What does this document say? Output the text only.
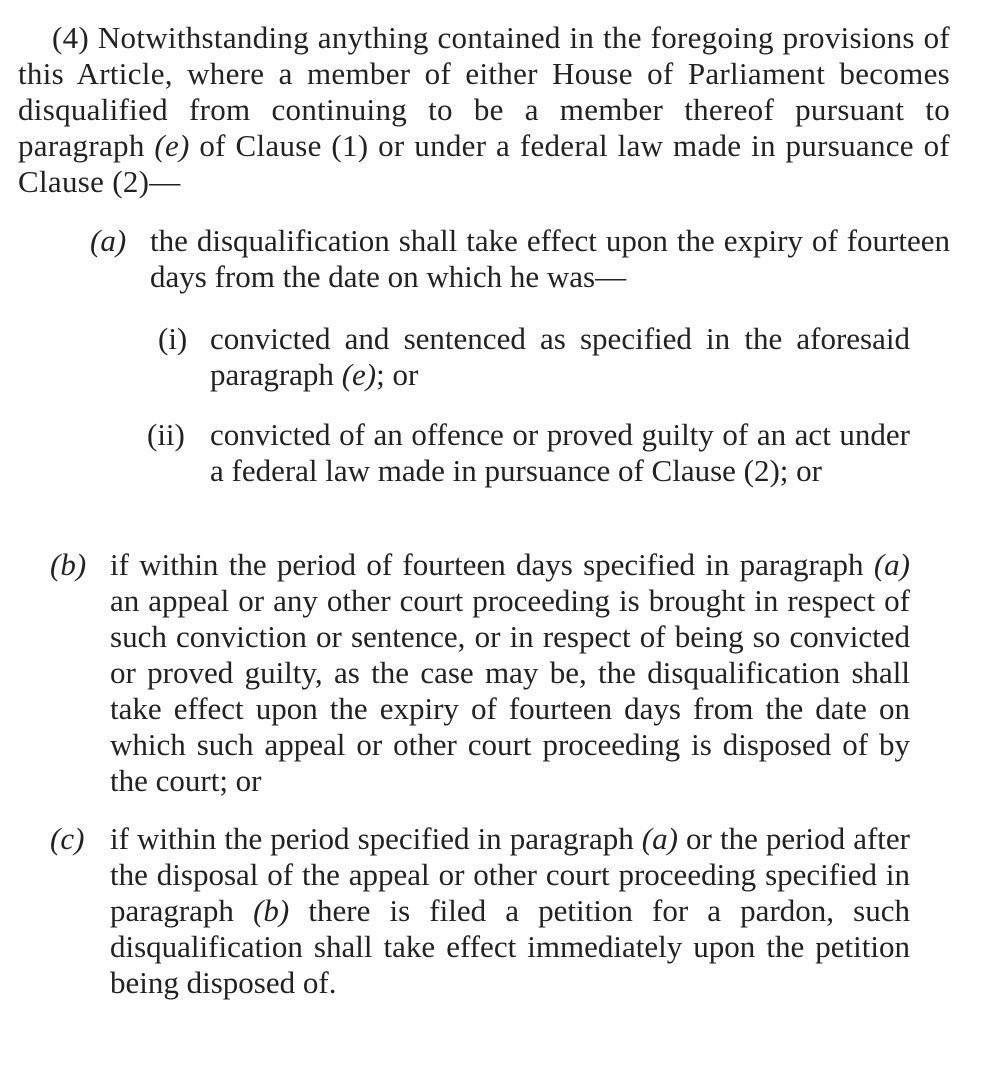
(4) Notwithstanding anything contained in the foregoing provisions of this Article, where a member of either House of Parliament becomes disqualified from continuing to be a member thereof pursuant to paragraph (e) of Clause (1) or under a federal law made in pursuance of Clause (2)—
(a) the disqualification shall take effect upon the expiry of fourteen days from the date on which he was—
(i) convicted and sentenced as specified in the aforesaid paragraph (e); or
(ii) convicted of an offence or proved guilty of an act under a federal law made in pursuance of Clause (2); or
(b) if within the period of fourteen days specified in paragraph (a) an appeal or any other court proceeding is brought in respect of such conviction or sentence, or in respect of being so convicted or proved guilty, as the case may be, the disqualification shall take effect upon the expiry of fourteen days from the date on which such appeal or other court proceeding is disposed of by the court; or
(c) if within the period specified in paragraph (a) or the period after the disposal of the appeal or other court proceeding specified in paragraph (b) there is filed a petition for a pardon, such disqualification shall take effect immediately upon the petition being disposed of.
